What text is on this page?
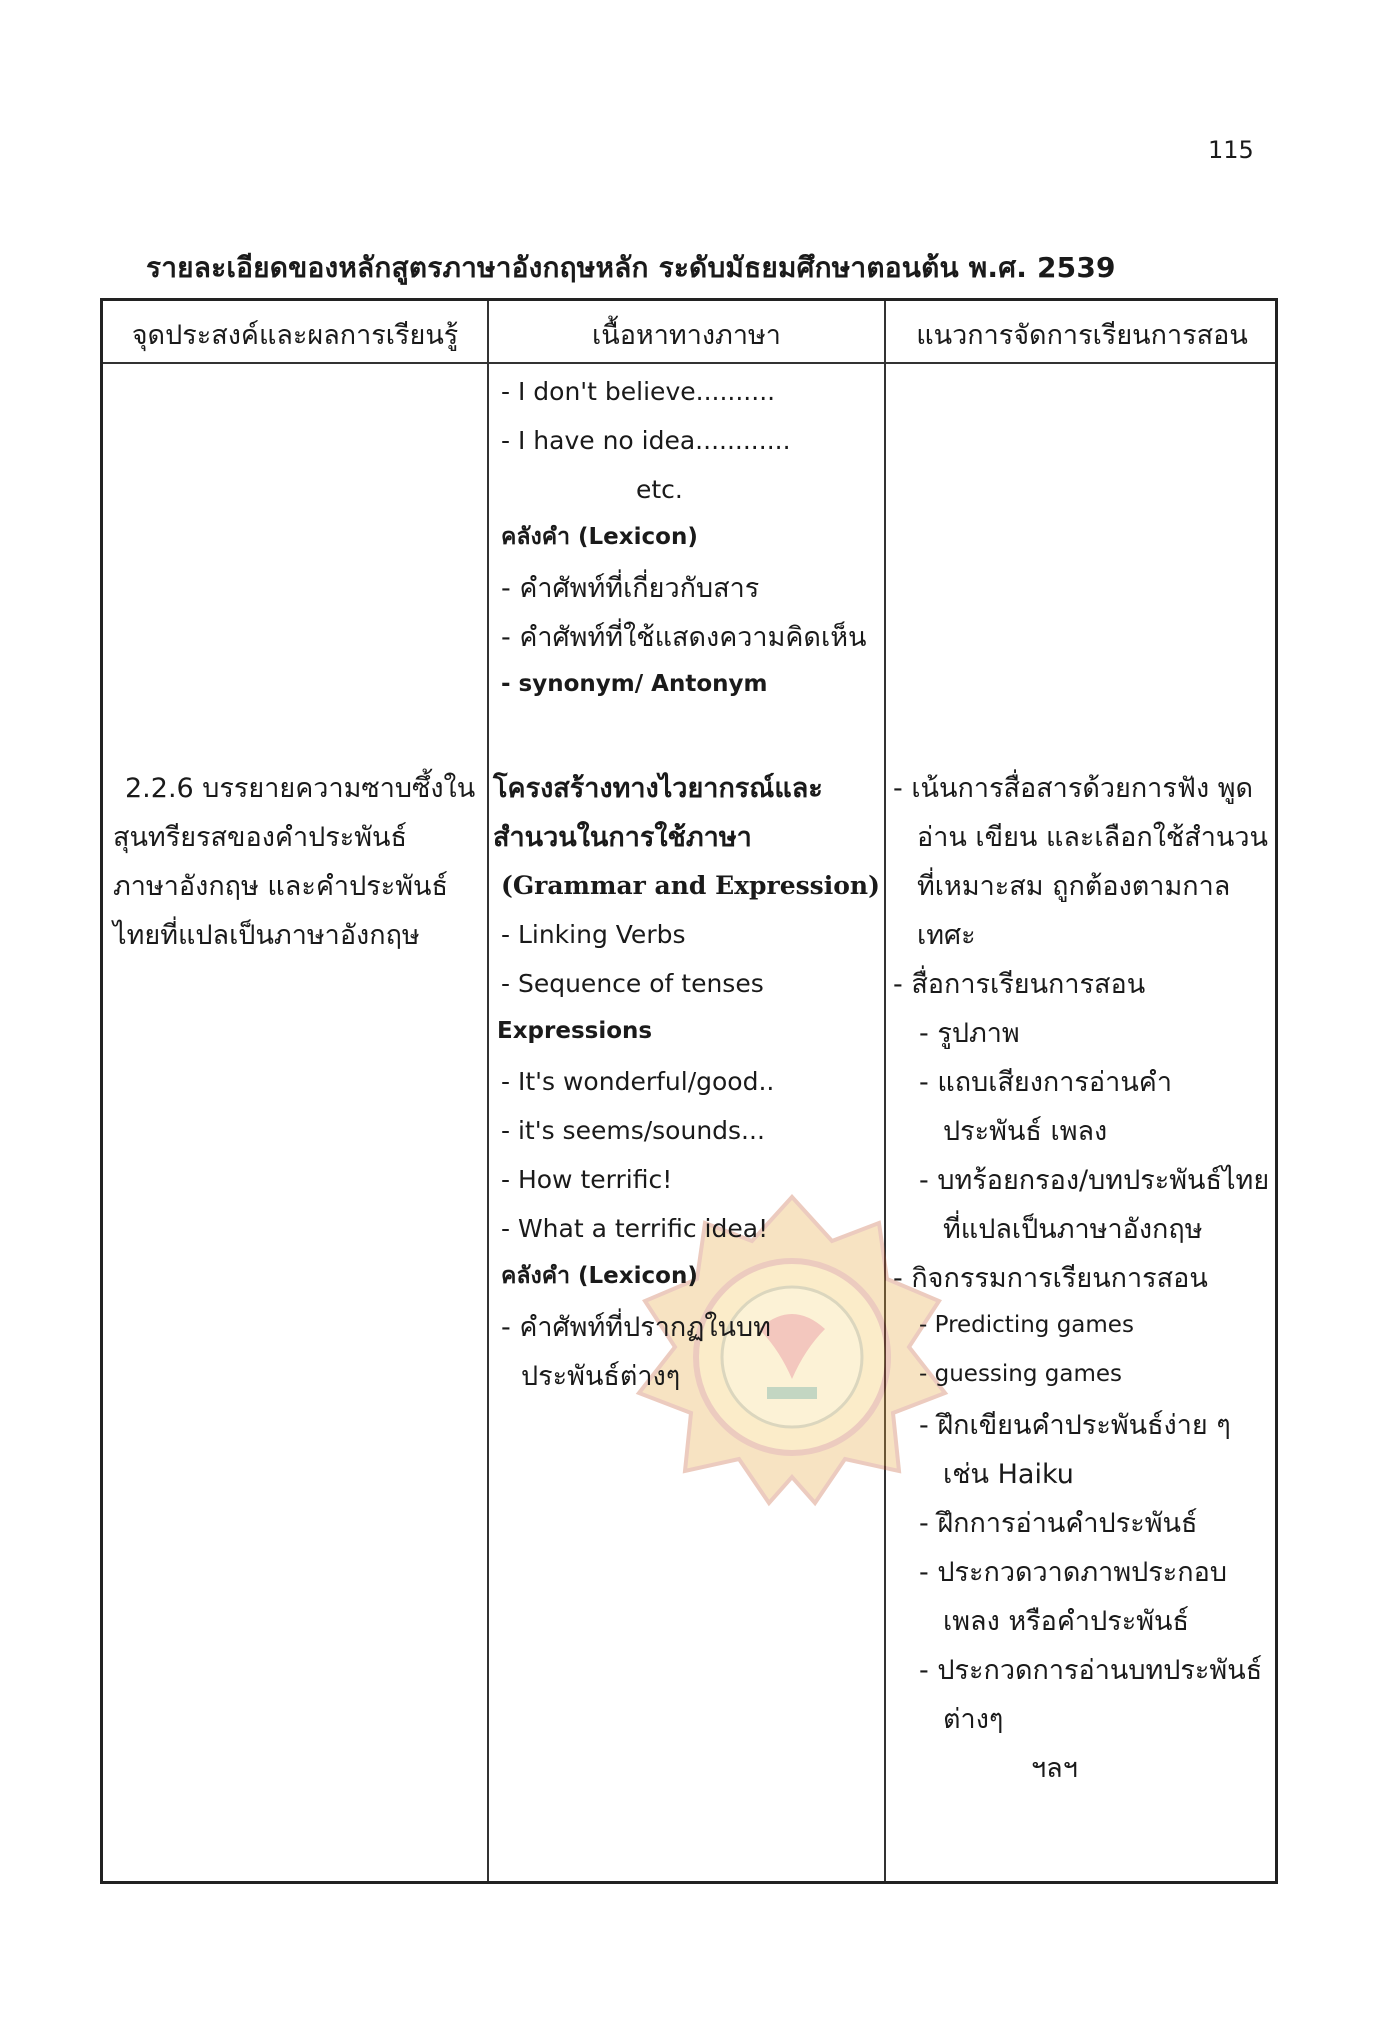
115
รายละเอียดของหลักสูตรภาษาอังกฤษหลัก ระดับมัธยมศึกษาตอนต้น พ.ศ. 2539
จุดประสงค์และผลการเรียนรู้	เนื้อหาทางภาษา	แนวการจัดการเรียนการสอน
2.2.6 บรรยายความซาบซึ้งใน
สุนทรียรสของคำประพันธ์
ภาษาอังกฤษ และคำประพันธ์
ไทยที่แปลเป็นภาษาอังกฤษ
- I don't believe..........
- I have no idea............
etc.
คลังคำ (Lexicon)
- คำศัพท์ที่เกี่ยวกับสาร
- คำศัพท์ที่ใช้แสดงความคิดเห็น
- synonym/ Antonym
โครงสร้างทางไวยากรณ์และ
สำนวนในการใช้ภาษา
(Grammar and Expression)
- Linking Verbs
- Sequence of tenses
Expressions
- It's wonderful/good..
- it's seems/sounds...
- How terrific!
- What a terrific idea!
คลังคำ (Lexicon)
- คำศัพท์ที่ปรากฏในบท
ประพันธ์ต่างๆ
- เน้นการสื่อสารด้วยการฟัง พูด
อ่าน เขียน และเลือกใช้สำนวน
ที่เหมาะสม ถูกต้องตามกาล
เทศะ
- สื่อการเรียนการสอน
- รูปภาพ
- แถบเสียงการอ่านคำ
ประพันธ์ เพลง
- บทร้อยกรอง/บทประพันธ์ไทย
ที่แปลเป็นภาษาอังกฤษ
- กิจกรรมการเรียนการสอน
- Predicting games
- guessing games
- ฝึกเขียนคำประพันธ์ง่าย ๆ
เช่น Haiku
- ฝึกการอ่านคำประพันธ์
- ประกวดวาดภาพประกอบ
เพลง หรือคำประพันธ์
- ประกวดการอ่านบทประพันธ์
ต่างๆ
ฯลฯ
